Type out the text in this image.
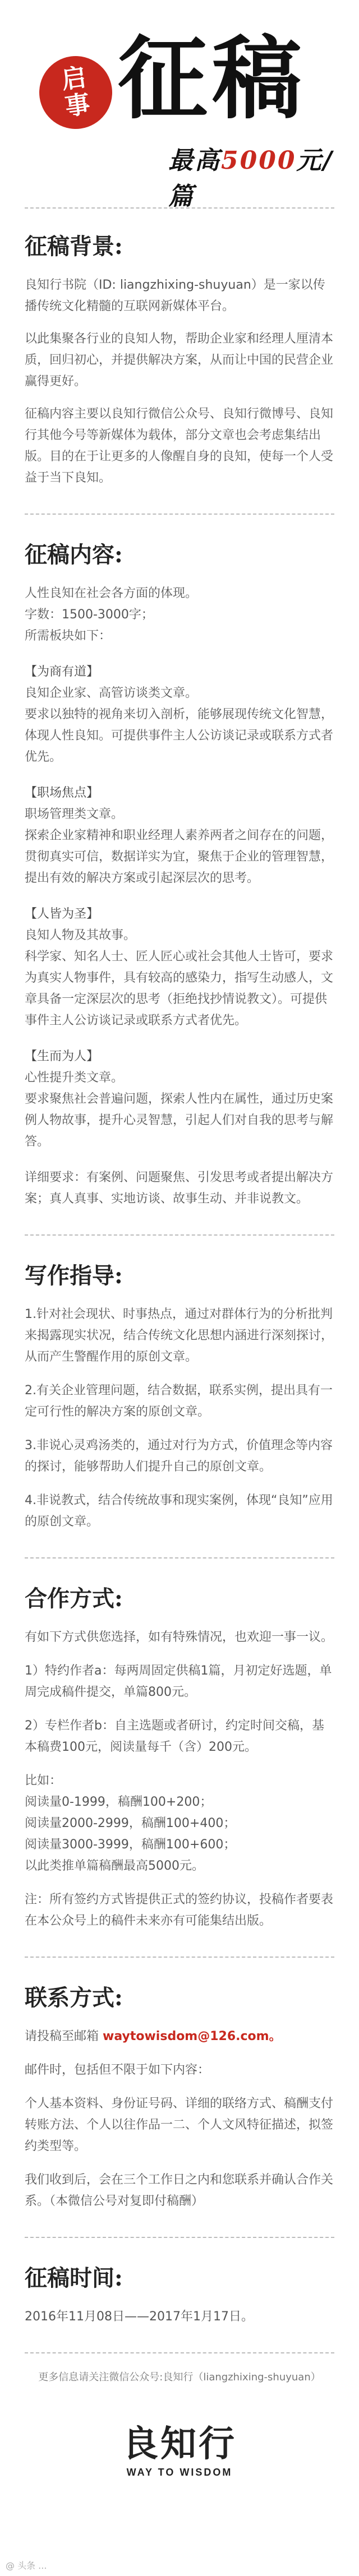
启
事 征稿
最高5000元/篇
征稿背景:

良知行书院（ID: liangzhixing-shuyuan）是一家以传播传统文化精髓的互联网新媒体平台。

以此集聚各行业的良知人物，帮助企业家和经理人厘清本质，回归初心，并提供解决方案，从而让中国的民营企业赢得更好。

征稿内容主要以良知行微信公众号、良知行微博号、良知行其他今号等新媒体为载体，部分文章也会考虑集结出版。目的在于让更多的人像醒自身的良知，使每一个人受益于当下良知。

征稿内容:

人性良知在社会各方面的体现。

字数：1500-3000字；

所需板块如下：

【为商有道】

良知企业家、高管访谈类文章。

要求以独特的视角来切入剖析，能够展现传统文化智慧，体现人性良知。可提供事件主人公访谈记录或联系方式者优先。

【职场焦点】

职场管理类文章。

探索企业家精神和职业经理人素养两者之间存在的问题，贯彻真实可信，数据详实为宜，聚焦于企业的管理智慧，提出有效的解决方案或引起深层次的思考。

【人皆为圣】

良知人物及其故事。

科学家、知名人士、匠人匠心或社会其他人士皆可，要求为真实人物事件，具有较高的感染力，指写生动感人，文章具备一定深层次的思考（拒绝找抄情说教文）。可提供事件主人公访谈记录或联系方式者优先。

【生而为人】

心性提升类文章。

要求聚焦社会普遍问题，探索人性内在属性，通过历史案例人物故事，提升心灵智慧，引起人们对自我的思考与解答。

详细要求：有案例、问题聚焦、引发思考或者提出解决方案；真人真事、实地访谈、故事生动、并非说教文。

写作指导:

1.针对社会现状、时事热点，通过对群体行为的分析批判来揭露现实状况，结合传统文化思想内涵进行深刻探讨，从而产生警醒作用的原创文章。

2.有关企业管理问题，结合数据，联系实例，提出具有一定可行性的解决方案的原创文章。

3.非说心灵鸡汤类的，通过对行为方式，价值理念等内容的探讨，能够帮助人们提升自己的原创文章。

4.非说教式，结合传统故事和现实案例，体现“良知”应用的原创文章。

合作方式:

有如下方式供您选择，如有特殊情况，也欢迎一事一议。

1）特约作者a：每两周固定供稿1篇，月初定好选题，单周完成稿件提交，单篇800元。

2）专栏作者b：自主选题或者研讨，约定时间交稿，基本稿费100元，阅读量每千（含）200元。

比如：

阅读量0-1999，稿酬100+200；

阅读量2000-2999，稿酬100+400；

阅读量3000-3999，稿酬100+600；

以此类推单篇稿酬最高5000元。

注：所有签约方式皆提供正式的签约协议，投稿作者要表在本公众号上的稿件未来亦有可能集结出版。

联系方式:

请投稿至邮箱 waytowisdom@126.com。

邮件时，包括但不限于如下内容：

个人基本资料、身份证号码、详细的联络方式、稿酬支付转账方法、个人以往作品一二、个人文风特征描述，拟签约类型等。

我们收到后，会在三个工作日之内和您联系并确认合作关系。（本微信公号对复即付稿酬）

征稿时间:

2016年11月08日——2017年1月17日。

更多信息请关注微信公众号:良知行（liangzhixing-shuyuan）

良知行
WAY TO WISDOM
@ 头条 ...
